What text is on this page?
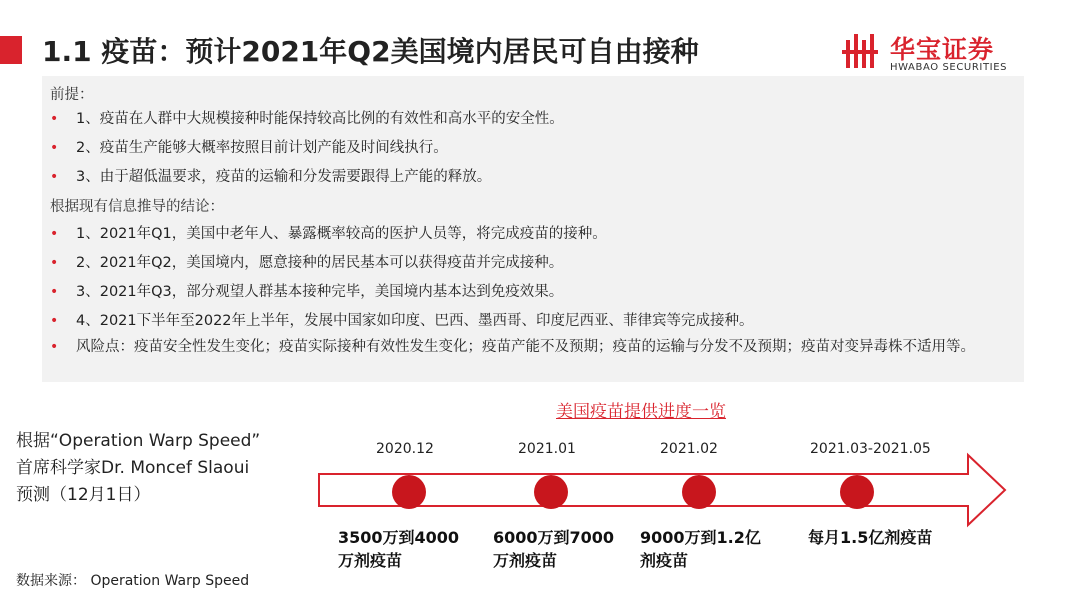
1.1 疫苗：预计2021年Q2美国境内居民可自由接种	华宝证券
HWABAO SECURITIES
前提：
• 1、疫苗在人群中大规模接种时能保持较高比例的有效性和高水平的安全性。
• 2、疫苗生产能够大概率按照目前计划产能及时间线执行。
• 3、由于超低温要求，疫苗的运输和分发需要跟得上产能的释放。
根据现有信息推导的结论：
• 1、2021年Q1，美国中老年人、暴露概率较高的医护人员等，将完成疫苗的接种。
• 2、2021年Q2，美国境内，愿意接种的居民基本可以获得疫苗并完成接种。
• 3、2021年Q3，部分观望人群基本接种完毕，美国境内基本达到免疫效果。
• 4、2021下半年至2022年上半年，发展中国家如印度、巴西、墨西哥、印度尼西亚、菲律宾等完成接种。
• 风险点：疫苗安全性发生变化；疫苗实际接种有效性发生变化；疫苗产能不及预期；疫苗的运输与分发不及预期；疫苗对变异毒株不适用等。
美国疫苗提供进度一览
根据“Operation Warp Speed”
首席科学家Dr. Moncef Slaoui
预测（12月1日）
2020.12	2021.01	2021.02	2021.03-2021.05
3500万到4000
万剂疫苗
6000万到7000
万剂疫苗
9000万到1.2亿
剂疫苗
每月1.5亿剂疫苗
数据来源： Operation Warp Speed
